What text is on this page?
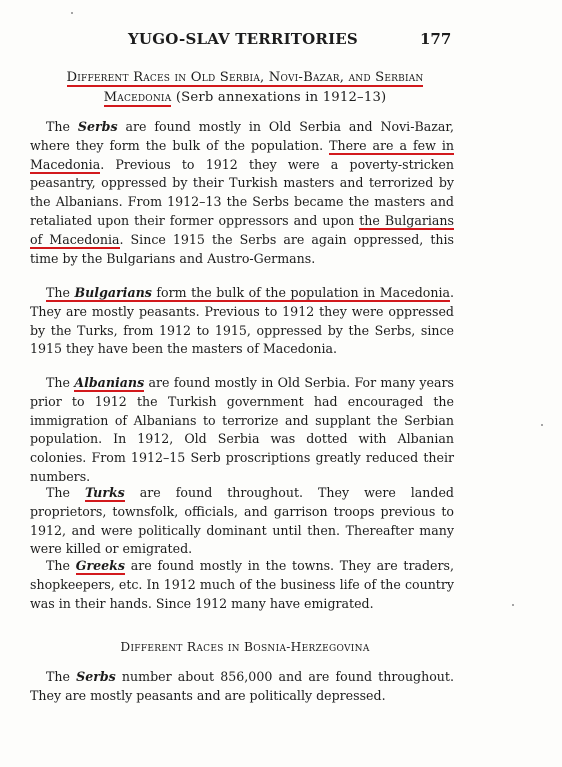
YUGO-SLAV TERRITORIES	177
Different Races in Old Serbia, Novi-Bazar, and Serbian
Macedonia (Serb annexations in 1912–13)

The Serbs are found mostly in Old Serbia and Novi-Bazar, where they form the bulk of the population. There are a few in Macedonia. Previous to 1912 they were a poverty-stricken peasantry, oppressed by their Turkish masters and terrorized by the Albanians. From 1912–13 the Serbs became the masters and retaliated upon their former oppressors and upon the Bulgarians of Macedonia. Since 1915 the Serbs are again oppressed, this time by the Bulgarians and Austro-Germans.

The Bulgarians form the bulk of the population in Macedonia. They are mostly peasants. Previous to 1912 they were oppressed by the Turks, from 1912 to 1915, oppressed by the Serbs, since 1915 they have been the masters of Macedonia.

The Albanians are found mostly in Old Serbia. For many years prior to 1912 the Turkish government had encouraged the immigration of Albanians to terrorize and supplant the Serbian population. In 1912, Old Serbia was dotted with Albanian colonies. From 1912–15 Serb proscriptions greatly reduced their numbers.

The Turks are found throughout. They were landed proprietors, townsfolk, officials, and garrison troops previous to 1912, and were politically dominant until then. Thereafter many were killed or emigrated.

The Greeks are found mostly in the towns. They are traders, shopkeepers, etc. In 1912 much of the business life of the country was in their hands. Since 1912 many have emigrated.

Different Races in Bosnia-Herzegovina

The Serbs number about 856,000 and are found throughout. They are mostly peasants and are politically depressed.
